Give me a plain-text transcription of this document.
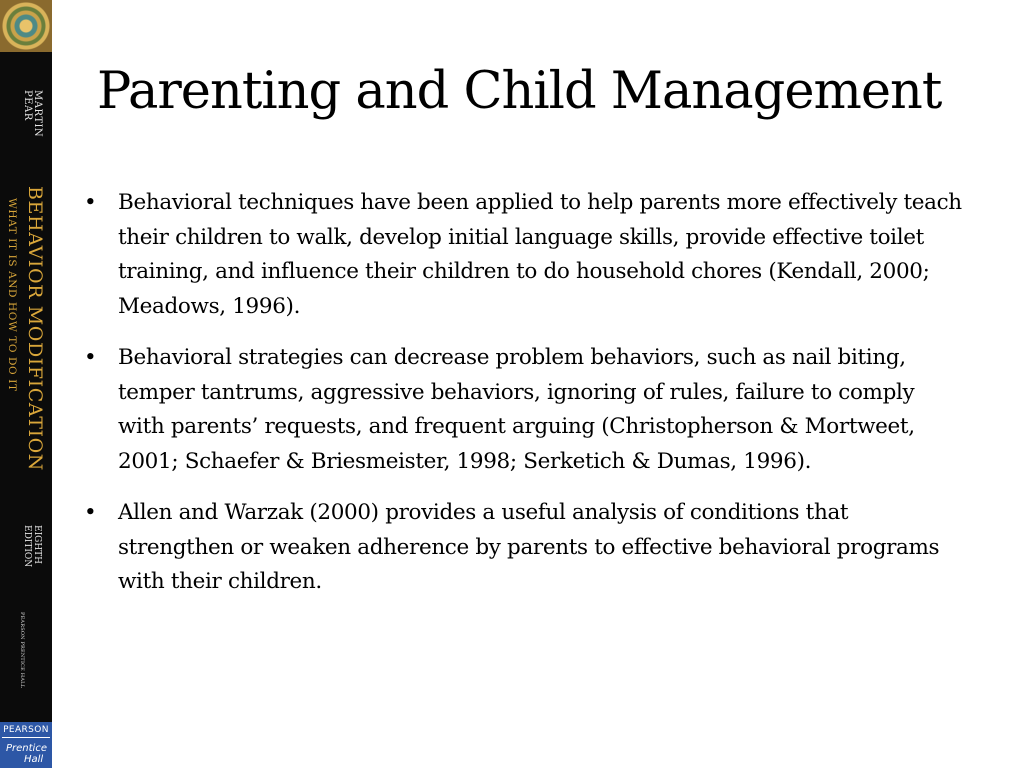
MARTIN
PEAR
BEHAVIOR MODIFICATION
WHAT IT IS AND HOW TO DO IT
EIGHTH
EDITION
PEARSON PRENTICE HALL
PEARSON
Prentice
Hall
Parenting and Child Management
• Behavioral techniques have been applied to help parents more effectively teach their children to walk, develop initial language skills, provide effective toilet training, and influence their children to do household chores (Kendall, 2000; Meadows, 1996).
• Behavioral strategies can decrease problem behaviors, such as nail biting, temper tantrums, aggressive behaviors, ignoring of rules, failure to comply with parents’ requests, and frequent arguing (Christopherson & Mortweet, 2001; Schaefer & Briesmeister, 1998; Serketich & Dumas, 1996).
• Allen and Warzak (2000) provides a useful analysis of conditions that strengthen or weaken adherence by parents to effective behavioral programs with their children.
